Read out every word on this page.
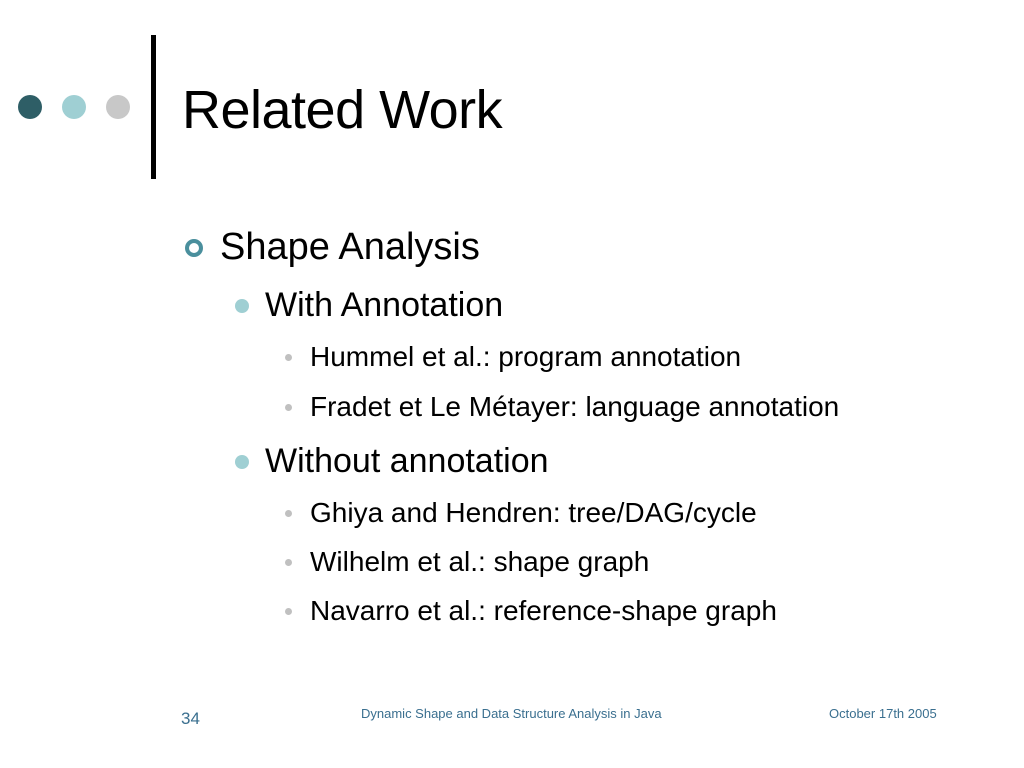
Related Work
Shape Analysis
With Annotation
Hummel et al.: program annotation
Fradet et Le Métayer: language annotation
Without annotation
Ghiya and Hendren: tree/DAG/cycle
Wilhelm et al.: shape graph
Navarro et al.: reference-shape graph
34	Dynamic Shape and Data Structure Analysis in Java	October 17th 2005
